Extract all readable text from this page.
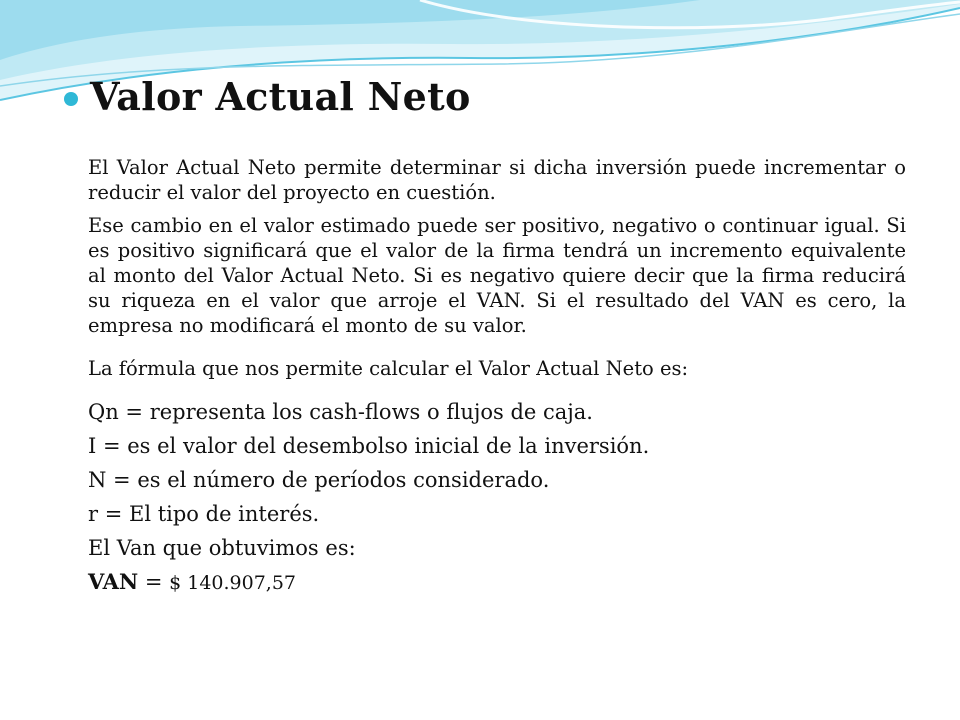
Valor Actual Neto

El Valor Actual Neto permite determinar si dicha inversión puede incrementar o reducir el valor del proyecto en cuestión.

Ese cambio en el valor estimado puede ser positivo, negativo o continuar igual. Si es positivo significará que el valor de la firma tendrá un incremento equivalente al monto del Valor Actual Neto. Si es negativo quiere decir que la firma reducirá su riqueza en el valor que arroje el VAN. Si el resultado del VAN es cero, la empresa no modificará el monto de su valor.

La fórmula que nos permite calcular el Valor Actual Neto es:

Qn = representa los cash-flows o flujos de caja.

I = es el valor del desembolso inicial de la inversión.

N = es el número de períodos considerado.

r = El tipo de interés.

El Van que obtuvimos es:

VAN = $ 140.907,57
